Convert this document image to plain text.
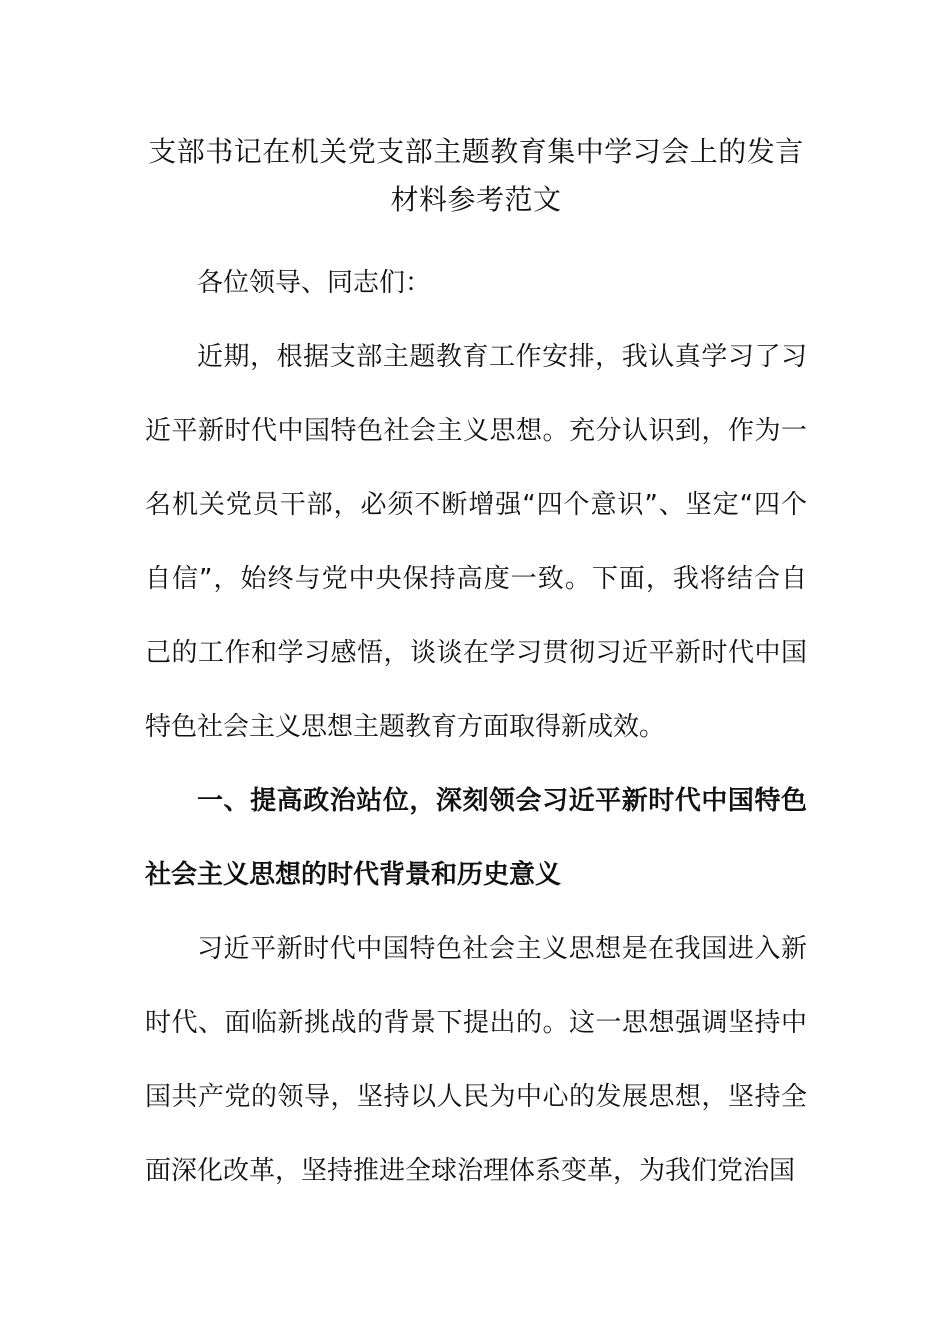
支部书记在机关党支部主题教育集中学习会上的发言材料参考范文

各位领导、同志们：

近期，根据支部主题教育工作安排，我认真学习了习近平新时代中国特色社会主义思想。充分认识到，作为一名机关党员干部，必须不断增强“四个意识”、坚定“四个自信”，始终与党中央保持高度一致。下面，我将结合自己的工作和学习感悟，谈谈在学习贯彻习近平新时代中国特色社会主义思想主题教育方面取得新成效。

一、提高政治站位，深刻领会习近平新时代中国特色社会主义思想的时代背景和历史意义

习近平新时代中国特色社会主义思想是在我国进入新时代、面临新挑战的背景下提出的。这一思想强调坚持中国共产党的领导，坚持以人民为中心的发展思想，坚持全面深化改革，坚持推进全球治理体系变革，为我们党治国
